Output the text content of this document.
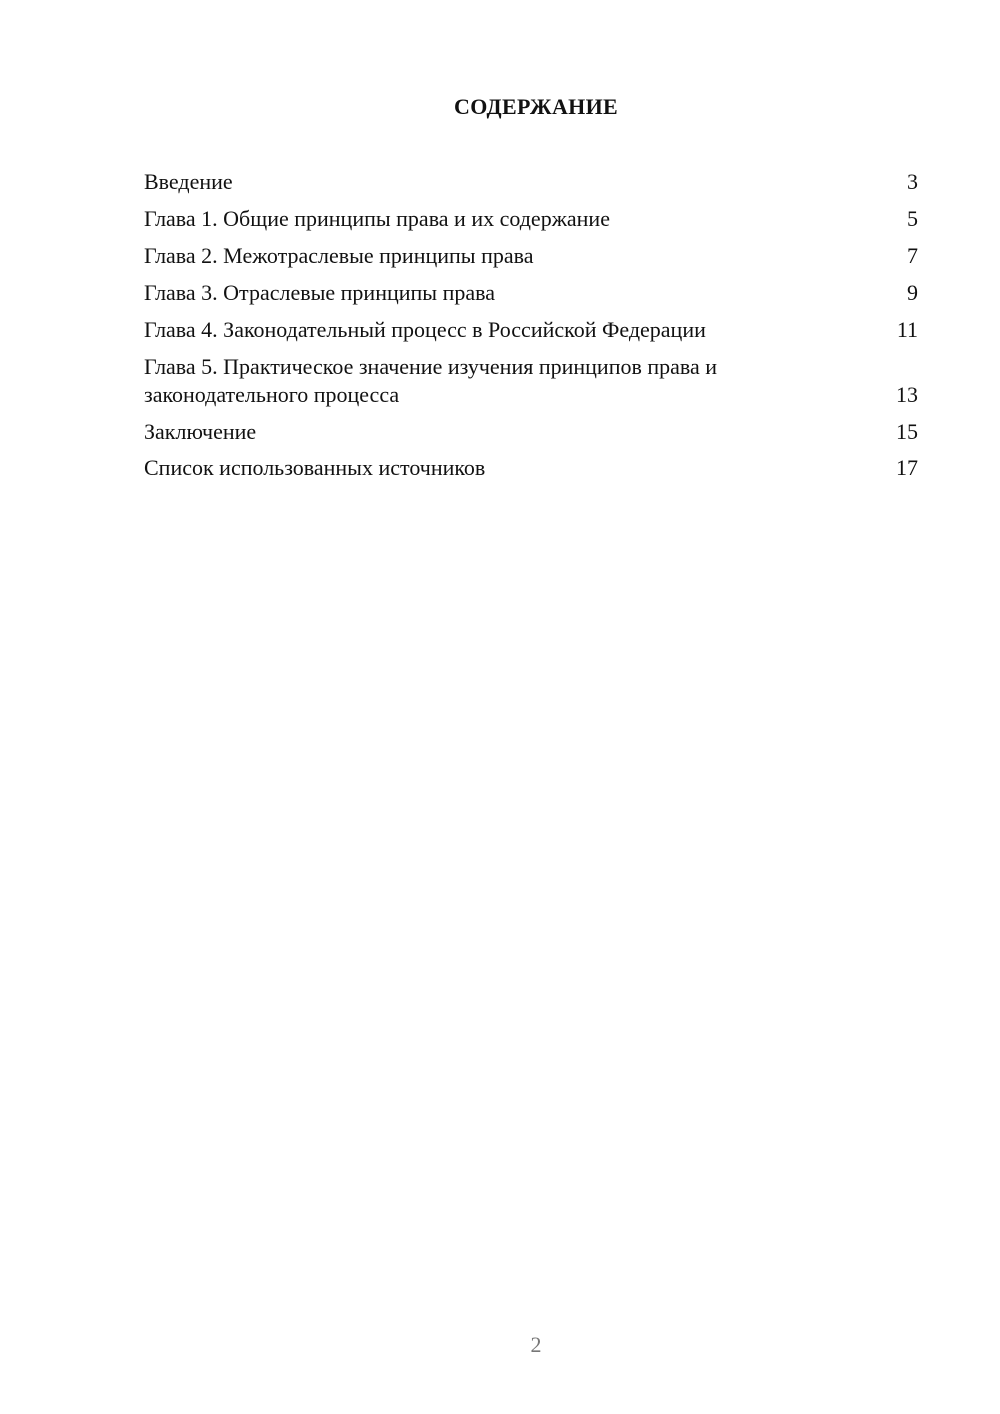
СОДЕРЖАНИЕ
Введение	3
Глава 1. Общие принципы права и их содержание	5
Глава 2. Межотраслевые принципы права	7
Глава 3. Отраслевые принципы права	9
Глава 4. Законодательный процесс в Российской Федерации	11
Глава 5. Практическое значение изучения принципов права и законодательного процесса	13
Заключение	15
Список использованных источников	17
2
